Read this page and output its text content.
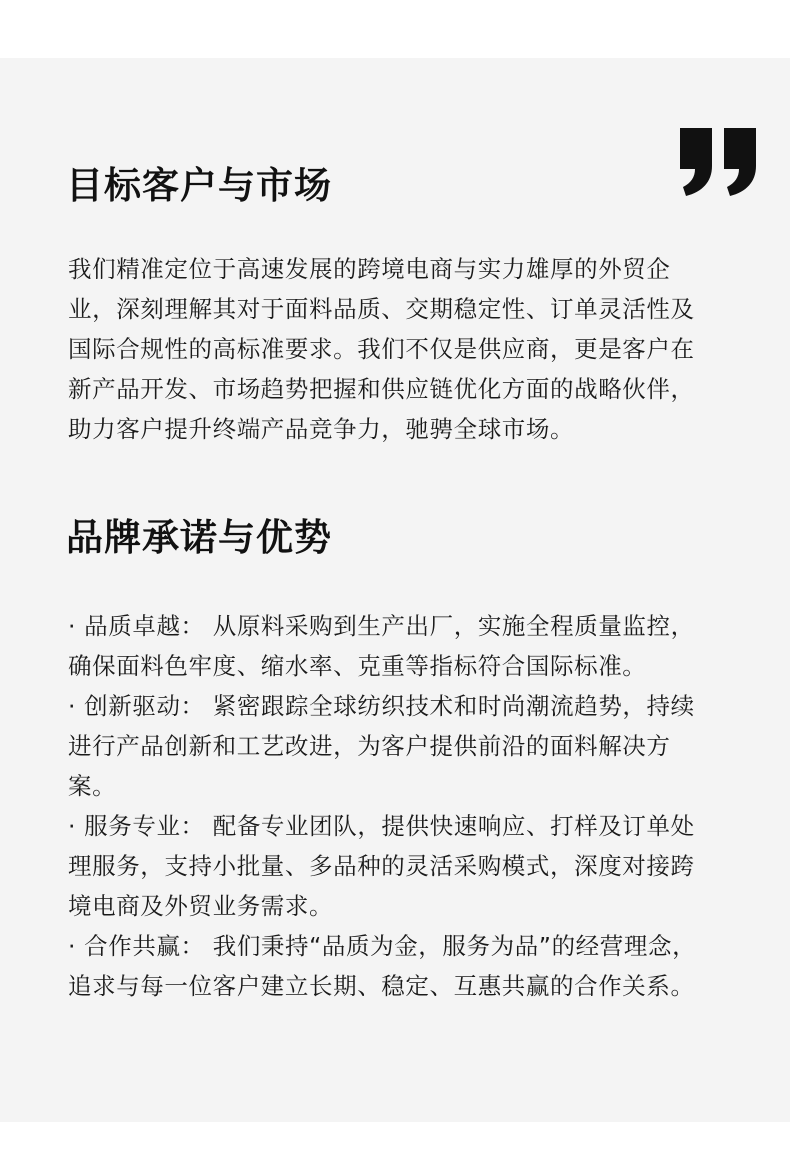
目标客户与市场

我们精准定位于高速发展的跨境电商与实力雄厚的外贸企业，深刻理解其对于面料品质、交期稳定性、订单灵活性及国际合规性的高标准要求。我们不仅是供应商，更是客户在新产品开发、市场趋势把握和供应链优化方面的战略伙伴，助力客户提升终端产品竞争力，驰骋全球市场。

品牌承诺与优势
· 品质卓越： 从原料采购到生产出厂，实施全程质量监控，确保面料色牢度、缩水率、克重等指标符合国际标准。
· 创新驱动： 紧密跟踪全球纺织技术和时尚潮流趋势，持续进行产品创新和工艺改进，为客户提供前沿的面料解决方案。
· 服务专业： 配备专业团队，提供快速响应、打样及订单处理服务，支持小批量、多品种的灵活采购模式，深度对接跨境电商及外贸业务需求。
· 合作共赢： 我们秉持“品质为金，服务为品”的经营理念，追求与每一位客户建立长期、稳定、互惠共赢的合作关系。
